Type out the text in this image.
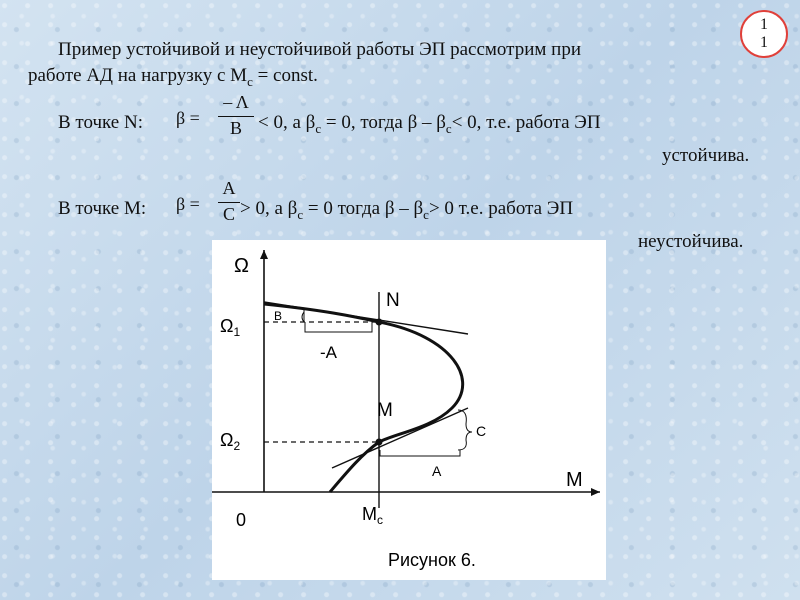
1
1
Пример устойчивой и неустойчивой работы ЭП рассмотрим при
работе АД на нагрузку с $М_с$ = const.
В точке N: β =
– Λ
B < 0, а $\beta_с = 0$, тогда $\beta - \beta_с< 0$, т.е. работа ЭП
устойчива.
В точке М: β =
A
C > 0, а $\beta_с = 0$ тогда $\beta - \beta_с> 0$ т.е. работа ЭП
неустойчива.
Ω
M
0
$\Omega_1$
$\Omega_2$
$M_c$
N
M
B
-A
C
A
Рисунок 6.
